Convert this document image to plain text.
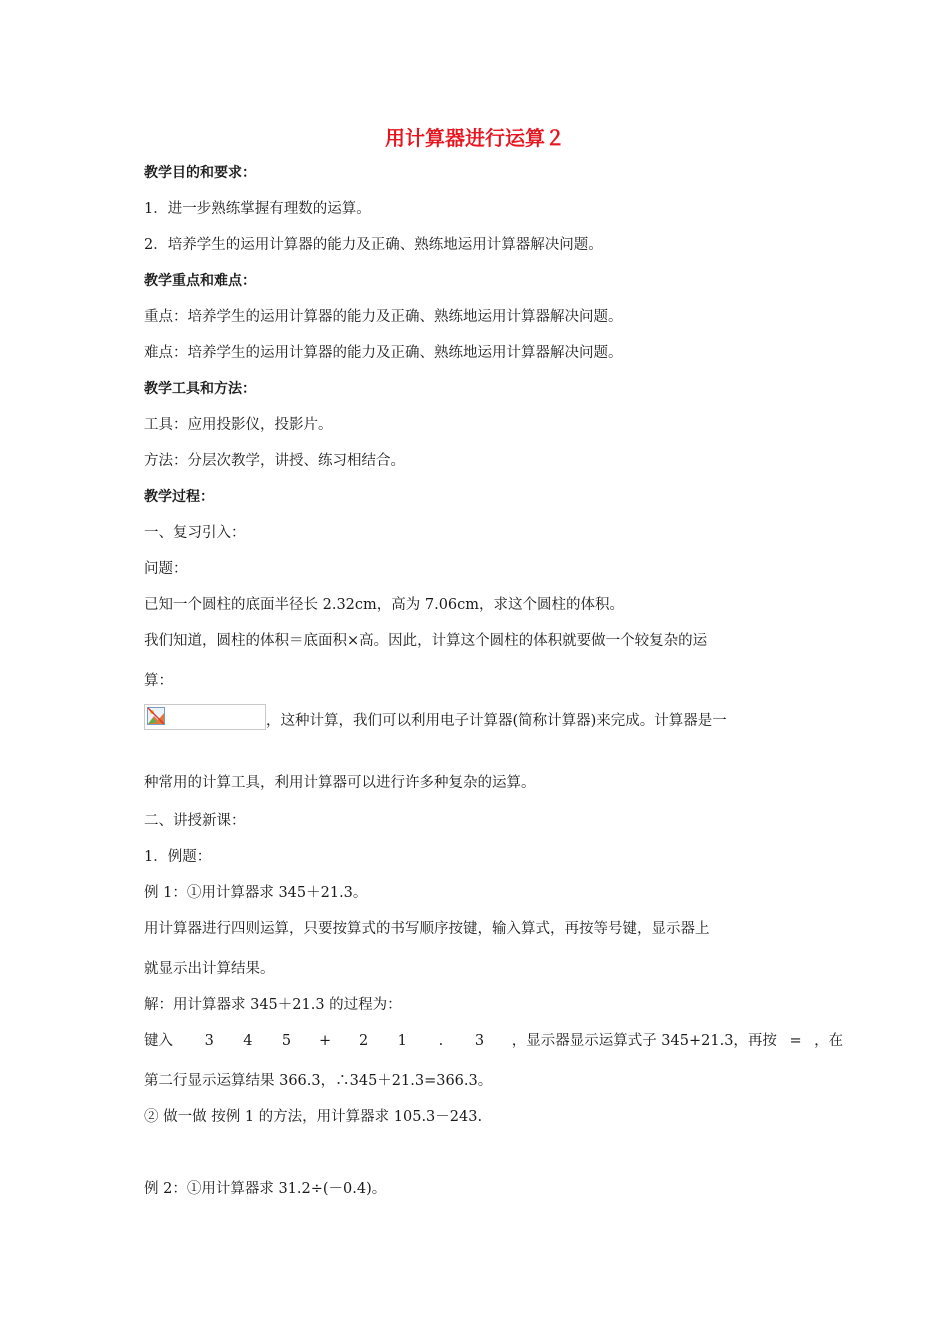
用计算器进行运算２
教学目的和要求：
1．进一步熟练掌握有理数的运算。
2．培养学生的运用计算器的能力及正确、熟练地运用计算器解决问题。
教学重点和难点：
重点：培养学生的运用计算器的能力及正确、熟练地运用计算器解决问题。
难点：培养学生的运用计算器的能力及正确、熟练地运用计算器解决问题。
教学工具和方法：
工具：应用投影仪，投影片。
方法：分层次教学，讲授、练习相结合。
教学过程：
一、复习引入：
问题：
已知一个圆柱的底面半径长 2.32cm，高为 7.06cm，求这个圆柱的体积。
我们知道，圆柱的体积＝底面积×高。因此，计算这个圆柱的体积就要做一个较复杂的运
算：
，这种计算，我们可以利用电子计算器(简称计算器)来完成。计算器是一
种常用的计算工具，利用计算器可以进行许多种复杂的运算。
二、讲授新课：
1．例题：
例 1：①用计算器求 345＋21.3。
用计算器进行四则运算，只要按算式的书写顺序按键，输入算式，再按等号键，显示器上
就显示出计算结果。
解：用计算器求 345＋21.3 的过程为：
键入 3 4 5 + 2 1 . 3 ，显示器显示运算式子 345+21.3，再按 = ，在
第二行显示运算结果 366.3，∴345＋21.3=366.3。
② 做一做 按例 1 的方法，用计算器求 105.3－243.
例 2：①用计算器求 31.2÷(－0.4)。
